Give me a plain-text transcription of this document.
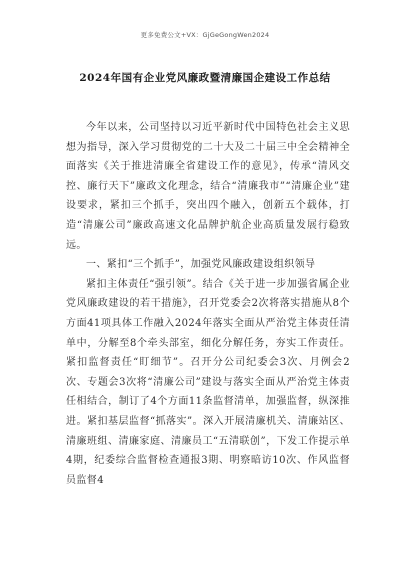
更多免费公文+VX：GjGeGongWen2024
2024年国有企业党风廉政暨清廉国企建设工作总结

今年以来，公司坚持以习近平新时代中国特色社会主义思想为指导，深入学习贯彻党的二十大及二十届三中全会精神全面落实《关于推进清廉全省建设工作的意见》，传承“清风交控、廉行天下”廉政文化理念，结合“清廉我市”“清廉企业”建设要求，紧扣三个抓手，突出四个融入，创新五个载体，打造“清廉公司”廉政高速文化品牌护航企业高质量发展行稳致远。

一、紧扣“三个抓手”，加强党风廉政建设组织领导

紧扣主体责任“强引领”。结合《关于进一步加强省属企业党风廉政建设的若干措施》，召开党委会2次将落实措施从8个方面41项具体工作融入2024年落实全面从严治党主体责任清单中，分解至8个牵头部室，细化分解任务，夯实工作责任。紧扣监督责任“盯细节”。召开分公司纪委会3次、月例会2次、专题会3次将“清廉公司”建设与落实全面从严治党主体责任相结合，制订了4个方面11条监督清单，加强监督，纵深推进。紧扣基层监督“抓落实”。深入开展清廉机关、清廉站区、清廉班组、清廉家庭、清廉员工“五清联创”，下发工作提示单4期，纪委综合监督检查通报3期、明察暗访10次、作风监督员监督4
